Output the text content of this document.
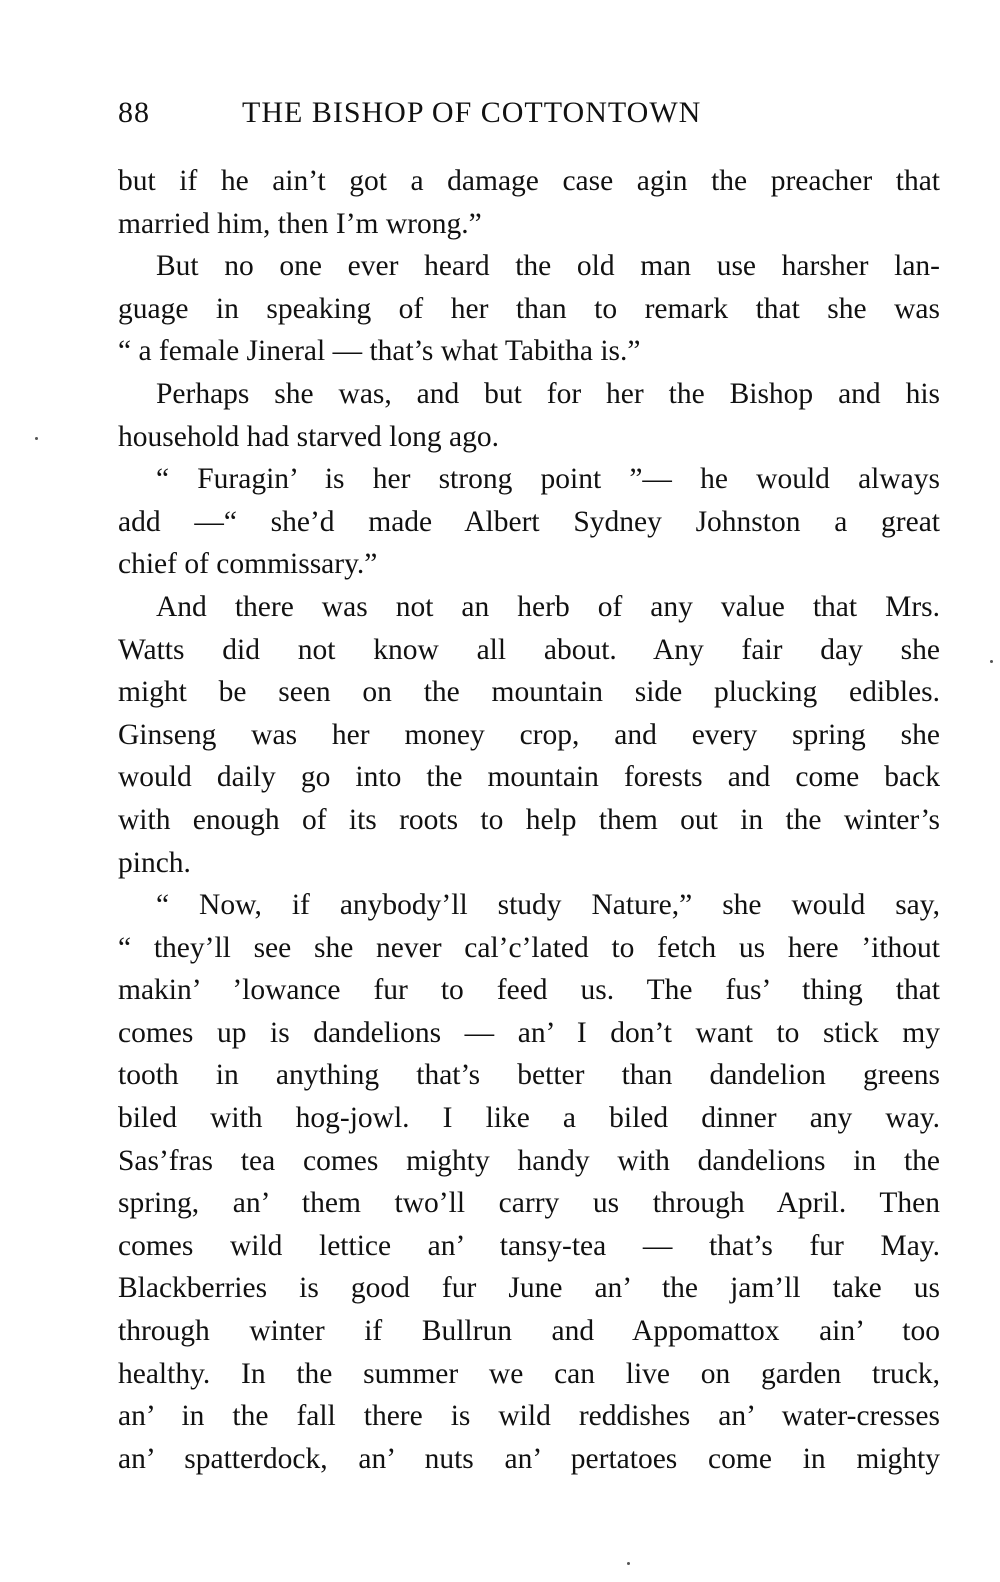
88	THE BISHOP OF COTTONTOWN

but if he ain’t got a damage case agin the preacher that
married him, then I’m wrong.”

But no one ever heard the old man use harsher lan-
guage in speaking of her than to remark that she was
“ a female Jineral — that’s what Tabitha is.”

Perhaps she was, and but for her the Bishop and his
household had starved long ago.

“ Furagin’ is her strong point ”— he would always
add —“ she’d made Albert Sydney Johnston a great
chief of commissary.”

And there was not an herb of any value that Mrs.
Watts did not know all about. Any fair day she
might be seen on the mountain side plucking edibles.
Ginseng was her money crop, and every spring she
would daily go into the mountain forests and come back
with enough of its roots to help them out in the winter’s
pinch.

“ Now, if anybody’ll study Nature,” she would say,
“ they’ll see she never cal’c’lated to fetch us here ’ithout
makin’ ’lowance fur to feed us. The fus’ thing that
comes up is dandelions — an’ I don’t want to stick my
tooth in anything that’s better than dandelion greens
biled with hog-jowl. I like a biled dinner any way.
Sas’fras tea comes mighty handy with dandelions in the
spring, an’ them two’ll carry us through April. Then
comes wild lettice an’ tansy-tea — that’s fur May.
Blackberries is good fur June an’ the jam’ll take us
through winter if Bullrun and Appomattox ain’ too
healthy. In the summer we can live on garden truck,
an’ in the fall there is wild reddishes an’ water-cresses
an’ spatterdock, an’ nuts an’ pertatoes come in mighty
